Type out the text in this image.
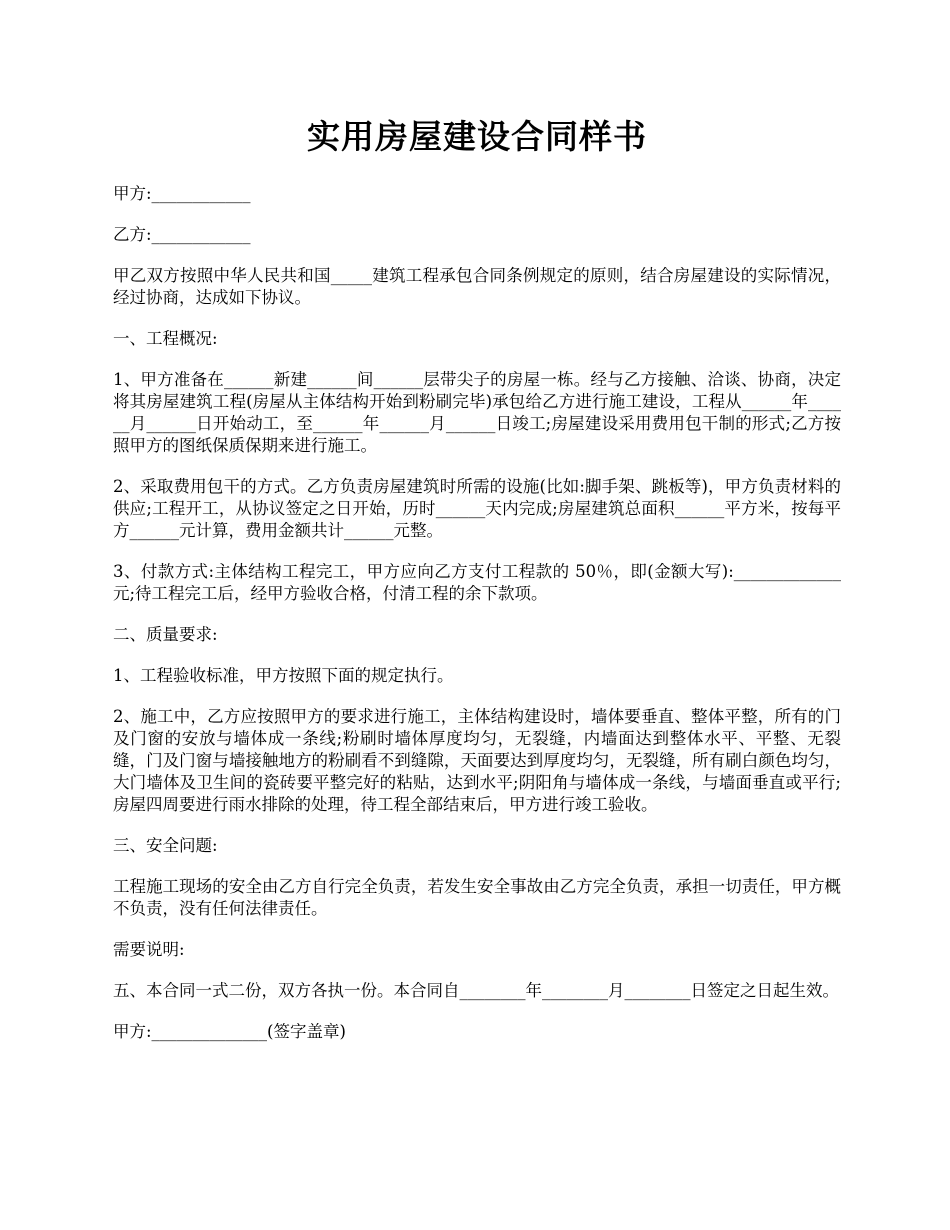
实用房屋建设合同样书

甲方:____________

乙方:____________

甲乙双方按照中华人民共和国_____建筑工程承包合同条例规定的原则，结合房屋建设的实际情况，经过协商，达成如下协议。

一、工程概况:

1、甲方准备在______新建______间______层带尖子的房屋一栋。经与乙方接触、洽谈、协商，决定将其房屋建筑工程(房屋从主体结构开始到粉刷完毕)承包给乙方进行施工建设，工程从______年______月______日开始动工，至______年______月______日竣工;房屋建设采用费用包干制的形式;乙方按照甲方的图纸保质保期来进行施工。

2、采取费用包干的方式。乙方负责房屋建筑时所需的设施(比如:脚手架、跳板等)，甲方负责材料的供应;工程开工，从协议签定之日开始，历时______天内完成;房屋建筑总面积______平方米，按每平方______元计算，费用金额共计______元整。

3、付款方式:主体结构工程完工，甲方应向乙方支付工程款的 50％，即(金额大写):_____________元;待工程完工后，经甲方验收合格，付清工程的余下款项。

二、质量要求:

1、工程验收标准，甲方按照下面的规定执行。

2、施工中，乙方应按照甲方的要求进行施工，主体结构建设时，墙体要垂直、整体平整，所有的门及门窗的安放与墙体成一条线;粉刷时墙体厚度均匀，无裂缝，内墙面达到整体水平、平整、无裂缝，门及门窗与墙接触地方的粉刷看不到缝隙，天面要达到厚度均匀，无裂缝，所有刷白颜色均匀，大门墙体及卫生间的瓷砖要平整完好的粘贴，达到水平;阴阳角与墙体成一条线，与墙面垂直或平行;房屋四周要进行雨水排除的处理，待工程全部结束后，甲方进行竣工验收。

三、安全问题:

工程施工现场的安全由乙方自行完全负责，若发生安全事故由乙方完全负责，承担一切责任，甲方概不负责，没有任何法律责任。

需要说明:

五、本合同一式二份，双方各执一份。本合同自________年________月________日签定之日起生效。

甲方:______________(签字盖章)
